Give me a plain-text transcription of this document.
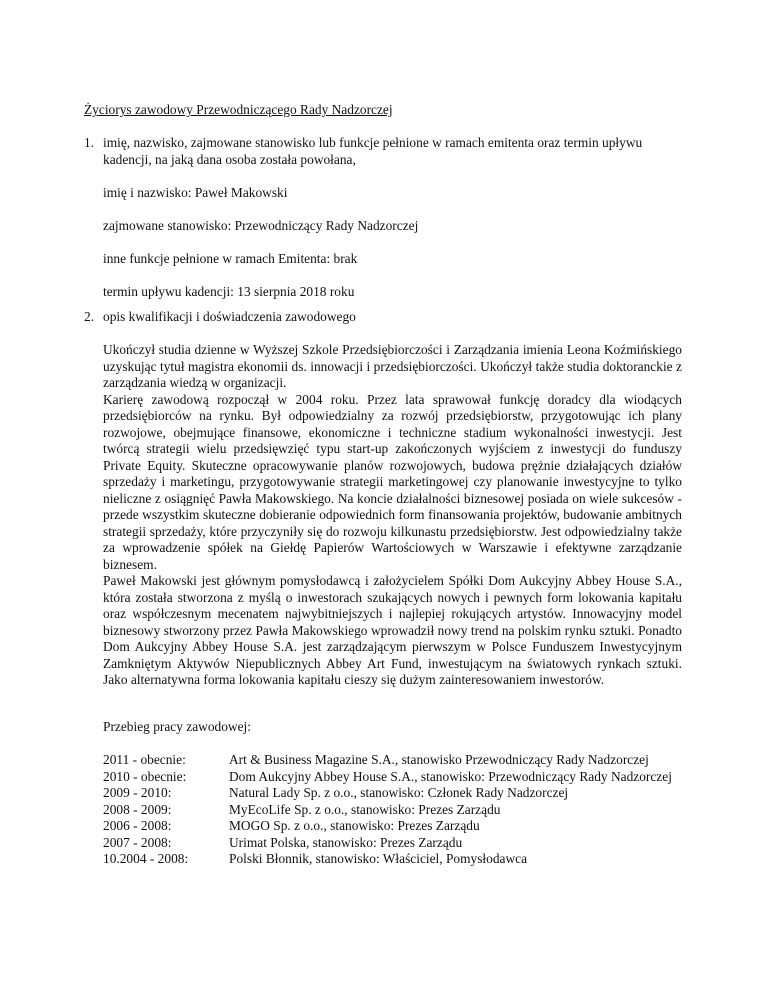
Życiorys zawodowy Przewodniczącego Rady Nadzorczej
1. imię, nazwisko, zajmowane stanowisko lub funkcje pełnione w ramach emitenta oraz termin upływu kadencji, na jaką dana osoba została powołana,
imię i nazwisko: Paweł Makowski
zajmowane stanowisko: Przewodniczący Rady Nadzorczej
inne funkcje pełnione w ramach Emitenta: brak
termin upływu kadencji: 13 sierpnia 2018 roku
2. opis kwalifikacji i doświadczenia zawodowego

Ukończył studia dzienne w Wyższej Szkole Przedsiębiorczości i Zarządzania imienia Leona Koźmińskiego uzyskując tytuł magistra ekonomii ds. innowacji i przedsiębiorczości. Ukończył także studia doktoranckie z zarządzania wiedzą w organizacji.

Karierę zawodową rozpoczął w 2004 roku. Przez lata sprawował funkcję doradcy dla wiodących przedsiębiorców na rynku. Był odpowiedzialny za rozwój przedsiębiorstw, przygotowując ich plany rozwojowe, obejmujące finansowe, ekonomiczne i techniczne stadium wykonalności inwestycji. Jest twórcą strategii wielu przedsięwzięć typu start-up zakończonych wyjściem z inwestycji do funduszy Private Equity. Skuteczne opracowywanie planów rozwojowych, budowa prężnie działających działów sprzedaży i marketingu, przygotowywanie strategii marketingowej czy planowanie inwestycyjne to tylko nieliczne z osiągnięć Pawła Makowskiego. Na koncie działalności biznesowej posiada on wiele sukcesów - przede wszystkim skuteczne dobieranie odpowiednich form finansowania projektów, budowanie ambitnych strategii sprzedaży, które przyczyniły się do rozwoju kilkunastu przedsiębiorstw. Jest odpowiedzialny także za wprowadzenie spółek na Giełdę Papierów Wartościowych w Warszawie i efektywne zarządzanie biznesem.

Paweł Makowski jest głównym pomysłodawcą i założycielem Spółki Dom Aukcyjny Abbey House S.A., która została stworzona z myślą o inwestorach szukających nowych i pewnych form lokowania kapitału oraz współczesnym mecenatem najwybitniejszych i najlepiej rokujących artystów. Innowacyjny model biznesowy stworzony przez Pawła Makowskiego wprowadził nowy trend na polskim rynku sztuki. Ponadto Dom Aukcyjny Abbey House S.A. jest zarządzającym pierwszym w Polsce Funduszem Inwestycyjnym Zamkniętym Aktywów Niepublicznych Abbey Art Fund, inwestującym na światowych rynkach sztuki. Jako alternatywna forma lokowania kapitału cieszy się dużym zainteresowaniem inwestorów.

Przebieg pracy zawodowej:
2011 - obecnie:	Art & Business Magazine S.A., stanowisko Przewodniczący Rady Nadzorczej
2010 - obecnie:	Dom Aukcyjny Abbey House S.A., stanowisko: Przewodniczący Rady Nadzorczej
2009 - 2010:	Natural Lady Sp. z o.o., stanowisko: Członek Rady Nadzorczej
2008 - 2009:	MyEcoLife Sp. z o.o., stanowisko: Prezes Zarządu
2006 - 2008:	MOGO Sp. z o.o., stanowisko: Prezes Zarządu
2007 - 2008:	Urimat Polska, stanowisko: Prezes Zarządu
10.2004 - 2008:	Polski Błonnik, stanowisko: Właściciel, Pomysłodawca
